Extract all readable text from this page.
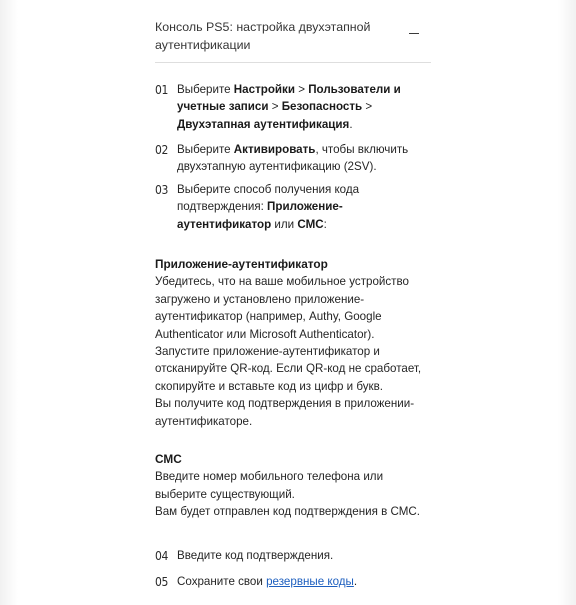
Консоль PS5: настройка двухэтапной аутентификации
01 Выберите Настройки > Пользователи и учетные записи > Безопасность > Двухэтапная аутентификация.
02 Выберите Активировать, чтобы включить двухэтапную аутентификацию (2SV).
03 Выберите способ получения кода подтверждения: Приложение-аутентификатор или СМС:
Приложение-аутентификатор
Убедитесь, что на ваше мобильное устройство загружено и установлено приложение-аутентификатор (например, Authy, Google Authenticator или Microsoft Authenticator).
Запустите приложение-аутентификатор и отсканируйте QR-код. Если QR-код не сработает, скопируйте и вставьте код из цифр и букв.
Вы получите код подтверждения в приложении-аутентификаторе.
СМС
Введите номер мобильного телефона или выберите существующий.
Вам будет отправлен код подтверждения в СМС.
04 Введите код подтверждения.
05 Сохраните свои резервные коды.
